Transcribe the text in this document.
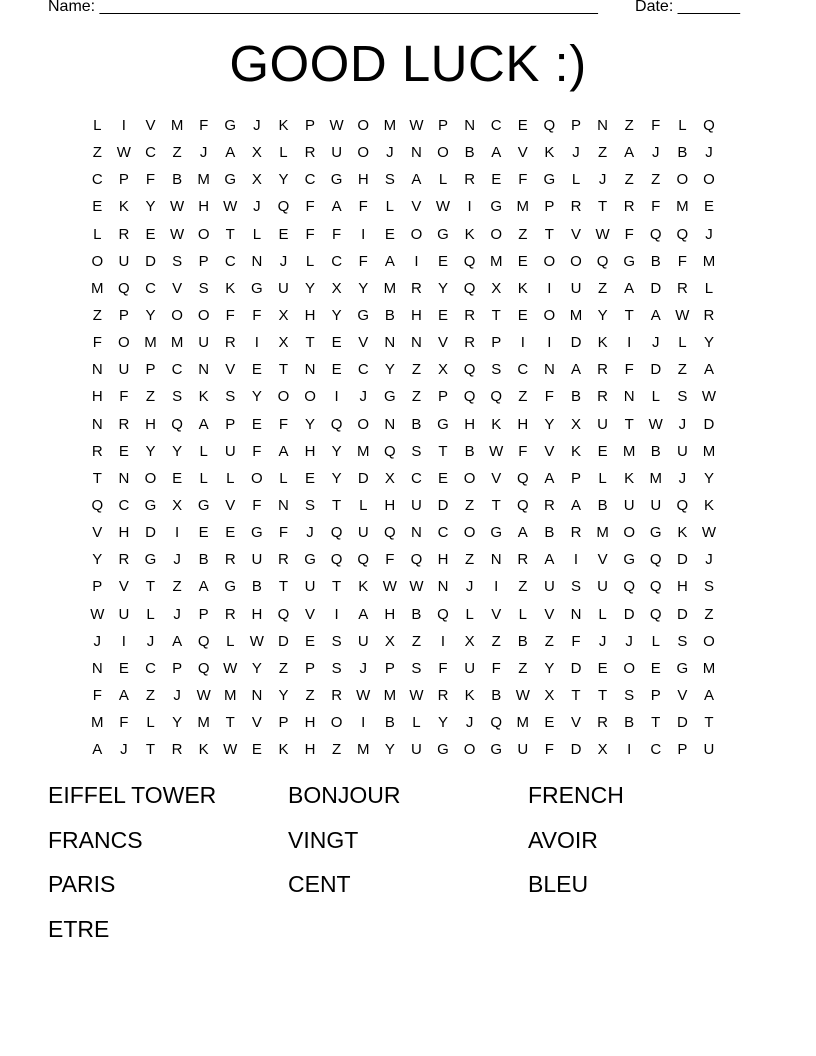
Name: ________________________________________________________ Date: _______
GOOD LUCK :)
L	I	V	M	F	G	J	K	P W O M W P	N	C	E	Q	P	N	Z	F	L	Q
Z W C	Z	J	A	X	L	R	U	O	J	N	O	B	A	V	K	J	Z	A	J	B	J
C	P	F	B	M G	X	Y	C	G	H	S	A	L	R	E	F	G	L	J	Z	Z	O O
E	K	Y W H W	J	Q	F	A	F	L	V W	I	G M	P	R	T	R	F	M	E
L	R	E W O	T	L	E	F	F	I	E	O G	K	O	Z	T	V W F	Q Q	J
O	U	D	S	P	C	N	J	L	C	F	A	I	E	Q M	E	O O Q G	B	F	M
M Q	C	V	S	K	G	U	Y	X	Y	M R	Y	Q	X	K	I	U	Z	A	D	R	L
Z	P	Y	O O	F	F	X	H	Y	G	B	H	E	R	T	E	O M	Y	T	A W R
F	O M M U	R	I	X	T	E	V	N	N	V	R	P	I	I	D	K	I	J	L	Y
N	U	P	C	N	V	E	T	N	E	C	Y	Z	X	Q	S	C	N	A	R	F	D	Z	A
H	F	Z	S	K	S	Y	O O	I	J	G	Z	P	Q Q	Z	F	B	R	N	L	S W
N	R	H	Q	A	P	E	F	Y	Q O	N	B	G	H	K	H	Y	X	U	T W	J	D
R	E	Y	Y	L	U	F	A	H	Y	M Q	S	T	B W F	V	K	E	M	B	U M
T	N	O	E	L	L	O	L	E	Y	D	X	C	E	O	V	Q	A	P	L	K	M	J	Y
Q	C	G	X	G	V	F	N	S	T	L	H	U	D	Z	T	Q	R	A	B	U	U	Q	K
V	H	D	I	E	E	G	F	J	Q	U	Q	N	C	O G	A	B	R M O G	K W
Y	R	G	J	B	R	U	R	G Q Q	F	Q	H	Z	N	R	A	I	V	G Q	D	J
P	V	T	Z	A	G	B	T	U	T	K W W N	J	I	Z	U	S	U	Q Q	H	S
W U	L	J	P	R	H	Q	V	I	A	H	B	Q	L	V	L	V	N	L	D	Q	D	Z
J	I	J	A	Q	L	W D	E	S	U	X	Z	I	X	Z	B	Z	F	J	J	L	S	O
N	E	C	P	Q W Y	Z	P	S	J	P	S	F	U	F	Z	Y	D	E	O	E	G M
F	A	Z	J	W M N	Y	Z	R W M W R	K	B W X	T	T	S	P	V	A
M	F	L	Y	M	T	V	P	H	O	I	B	L	Y	J	Q M	E	V	R	B	T	D	T
A	J	T	R	K W E	K	H	Z	M	Y	U	G O G	U	F	D	X	I	C	P	U
EIFFEL TOWER	BONJOUR	FRENCH
FRANCS	VINGT	AVOIR
PARIS	CENT	BLEU
ETRE
